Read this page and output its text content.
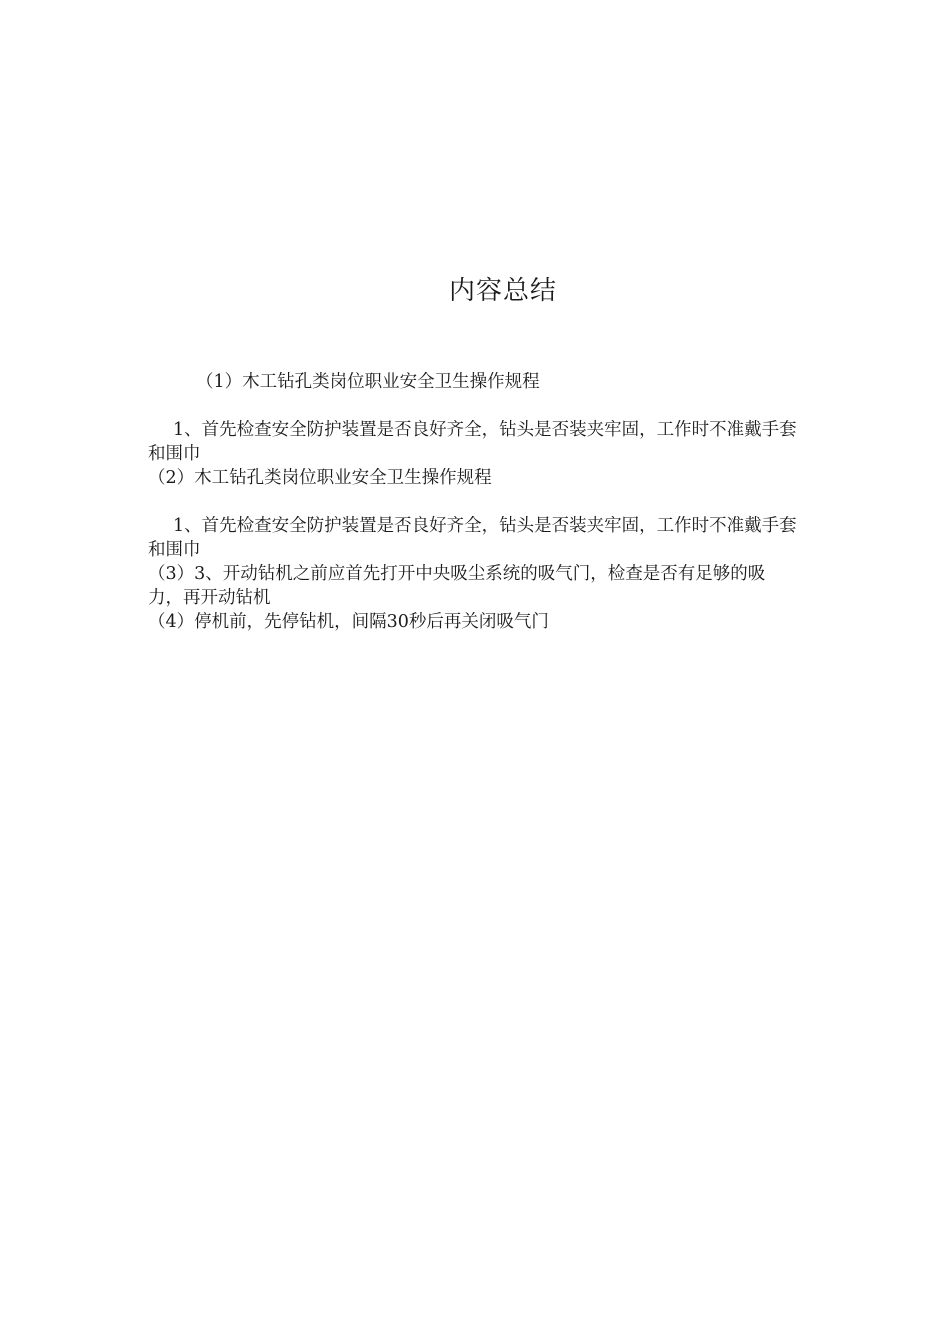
内容总结

（1）木工钻孔类岗位职业安全卫生操作规程

1、首先检查安全防护装置是否良好齐全，钻头是否装夹牢固，工作时不准戴手套和围巾

（2）木工钻孔类岗位职业安全卫生操作规程

1、首先检查安全防护装置是否良好齐全，钻头是否装夹牢固，工作时不准戴手套和围巾

（3）3、开动钻机之前应首先打开中央吸尘系统的吸气门，检查是否有足够的吸力，再开动钻机

（4）停机前，先停钻机，间隔30秒后再关闭吸气门
